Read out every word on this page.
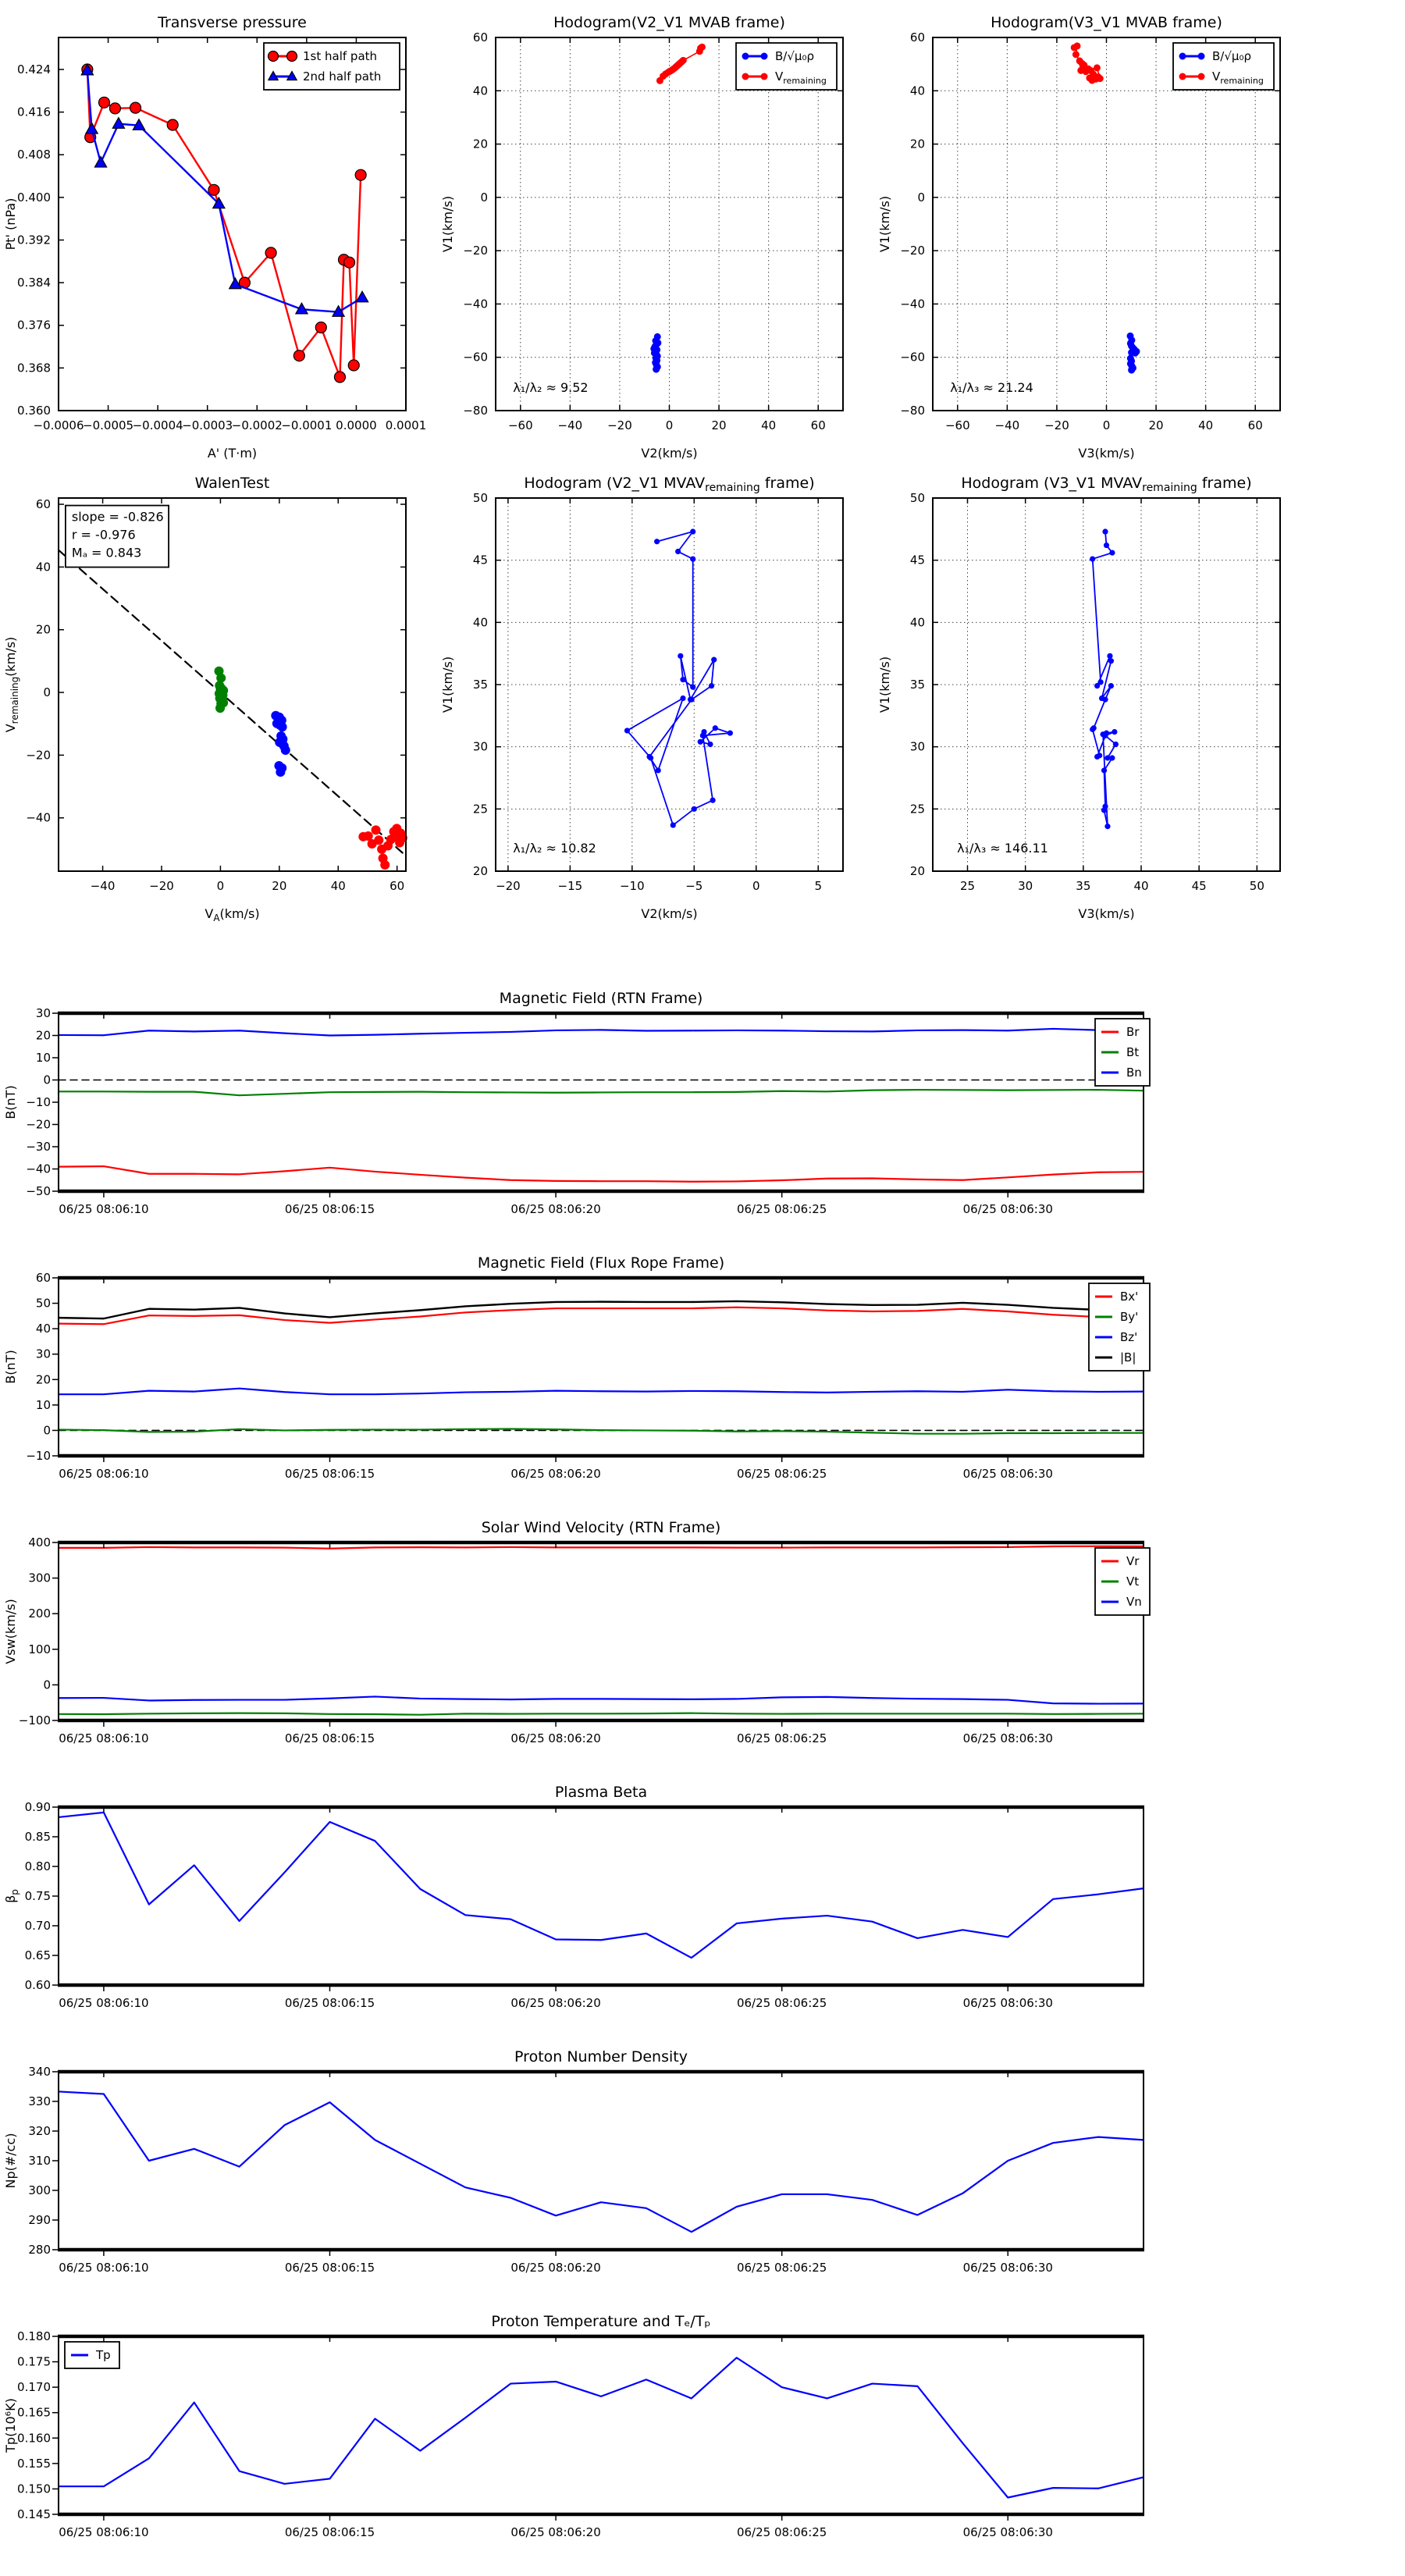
−0.0006
−0.0005
−0.0004
−0.0003
−0.0002
−0.0001 0.0000 0.0001
0.360
0.368
0.376
0.384
0.392
0.400
0.408
0.416
0.424
Transverse pressure
A' (T·m)
Pt' (nPa)
1st half path
2nd half path
−60 −40 −20	0	20	40	60
−80
−60
−40
−20
0
20
40
60
Hodogram(V2_V1 MVAB frame)
V2(km/s)
V1(km/s)
λ₁/λ₂ ≈ 9.52
B/√μ₀ρ
$V_{remaining}$
−60 −40 −20	0	20	40	60
−80
−60
−40
−20
0
20
40
60
Hodogram(V3_V1 MVAB frame)
V3(km/s)
V1(km/s)
λ₁/λ₃ ≈ 21.24
B/√μ₀ρ
$V_{remaining}$
−40	−20	0	20	40	60
−40
−20
0
20
40
60
WalenTest
$V_A(km/s)$
$V_{remaining}(km/s)$
slope = -0.826
r = -0.976
Mₐ = 0.843
−20	−15	−10	−5	0	5
20
25
30
35
40
45
50
Hodogram (V2_V1 $MVAV_{remaining}$ frame)
V2(km/s)
V1(km/s)
λ₁/λ₂ ≈ 10.82
25	30	35	40	45	50
20
25
30
35
40
45
50
Hodogram (V3_V1 $MVAV_{remaining}$ frame)
V3(km/s)
V1(km/s)
λ₁/λ₃ ≈ 146.11
06/25 08:06:10	06/25 08:06:15	06/25 08:06:20	06/25 08:06:25	06/25 08:06:30
−50
−40
−30
−20
−10
0
10
20
30
Magnetic Field (RTN Frame)
B(nT)
Br
Bt
Bn
06/25 08:06:10	06/25 08:06:15	06/25 08:06:20	06/25 08:06:25	06/25 08:06:30
−10
0
10
20
30
40
50
60
Magnetic Field (Flux Rope Frame)
B(nT)
Bx'
By'
Bz'
|B|
06/25 08:06:10	06/25 08:06:15	06/25 08:06:20	06/25 08:06:25	06/25 08:06:30
−100
0
100
200
300
400
Solar Wind Velocity (RTN Frame)
Vsw(km/s)
Vr
Vt
Vn
06/25 08:06:10	06/25 08:06:15	06/25 08:06:20	06/25 08:06:25	06/25 08:06:30
0.60
0.65
0.70
0.75
0.80
0.85
0.90
Plasma Beta
$\beta_p$
06/25 08:06:10	06/25 08:06:15	06/25 08:06:20	06/25 08:06:25	06/25 08:06:30
280
290
300
310
320
330
340
Proton Number Density
Np(#/cc)
06/25 08:06:10	06/25 08:06:15	06/25 08:06:20	06/25 08:06:25	06/25 08:06:30
0.145
0.150
0.155
0.160
0.165
0.170
0.175
0.180
Proton Temperature and Tₑ/Tₚ
Tp(10⁶K)
Tp
